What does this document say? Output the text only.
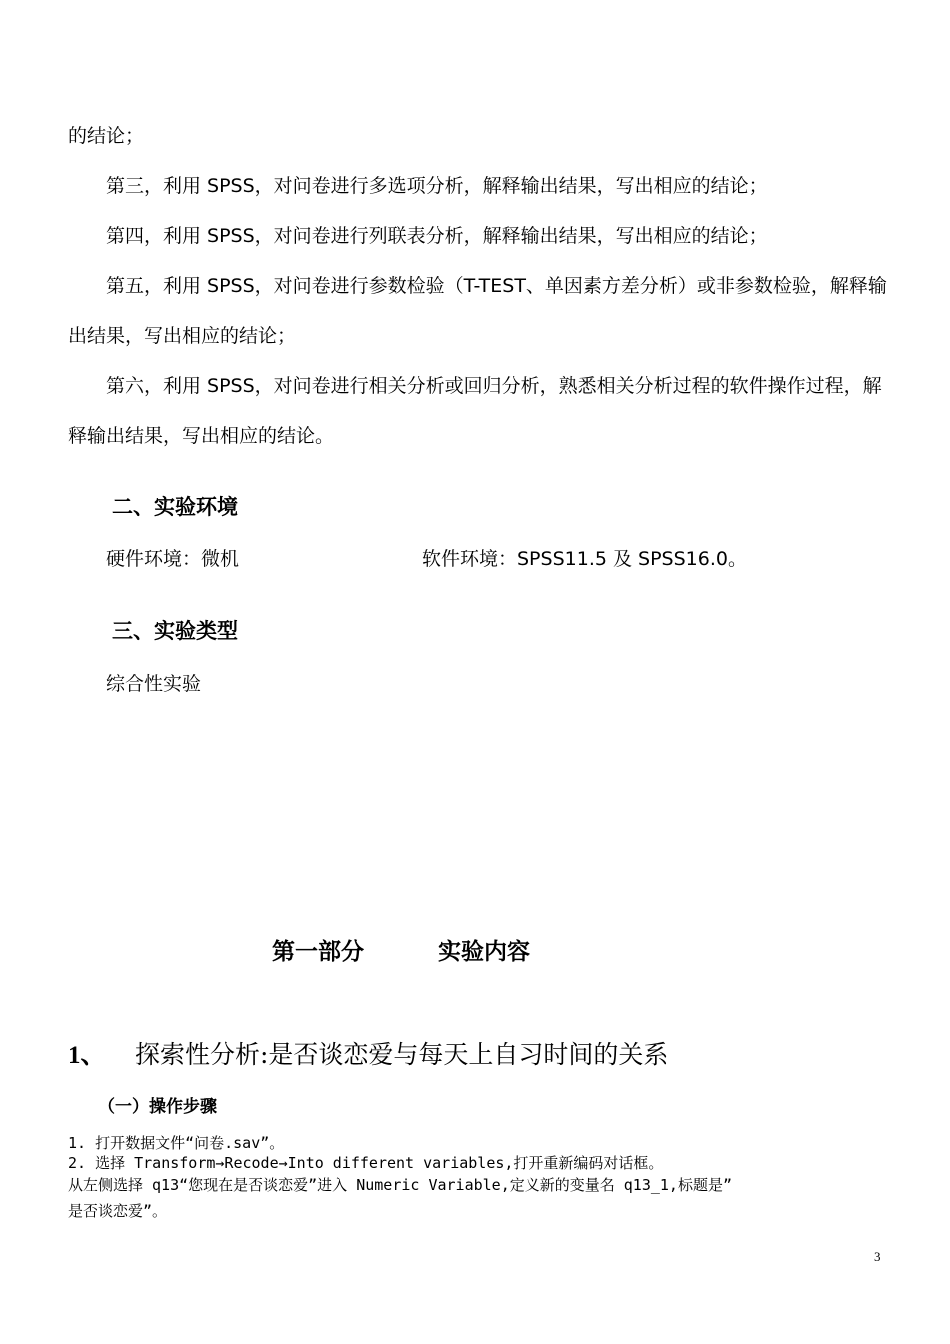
的结论；
第三，利用 SPSS，对问卷进行多选项分析，解释输出结果，写出相应的结论；
第四，利用 SPSS，对问卷进行列联表分析，解释输出结果，写出相应的结论；
第五，利用 SPSS，对问卷进行参数检验（T-TEST、单因素方差分析）或非参数检验，解释输
出结果，写出相应的结论；
第六，利用 SPSS，对问卷进行相关分析或回归分析，熟悉相关分析过程的软件操作过程，解
释输出结果，写出相应的结论。
二、实验环境
硬件环境：微机	软件环境：SPSS11.5 及 SPSS16.0。
三、实验类型
综合性实验
第一部分	实验内容
1、 探索性分析:是否谈恋爱与每天上自习时间的关系
（一）操作步骤
1. 打开数据文件“问卷.sav”。
2. 选择 Transform→Recode→Into different variables,打开重新编码对话框。
从左侧选择 q13“您现在是否谈恋爱”进入 Numeric Variable,定义新的变量名 q13_1,标题是”
是否谈恋爱”。
3
